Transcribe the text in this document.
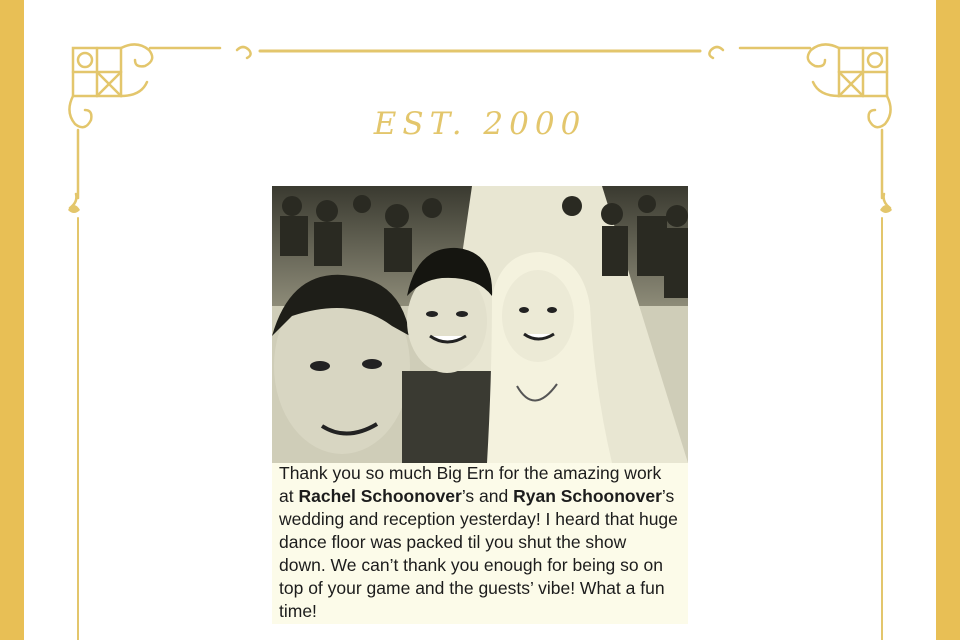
EST. 2000
Thank you so much Big Ern for the amazing work
at Rachel Schoonover’s and Ryan Schoonover’s
wedding and reception yesterday! I heard that huge
dance floor was packed til you shut the show
down. We can’t thank you enough for being so on
top of your game and the guests’ vibe! What a fun
time!
